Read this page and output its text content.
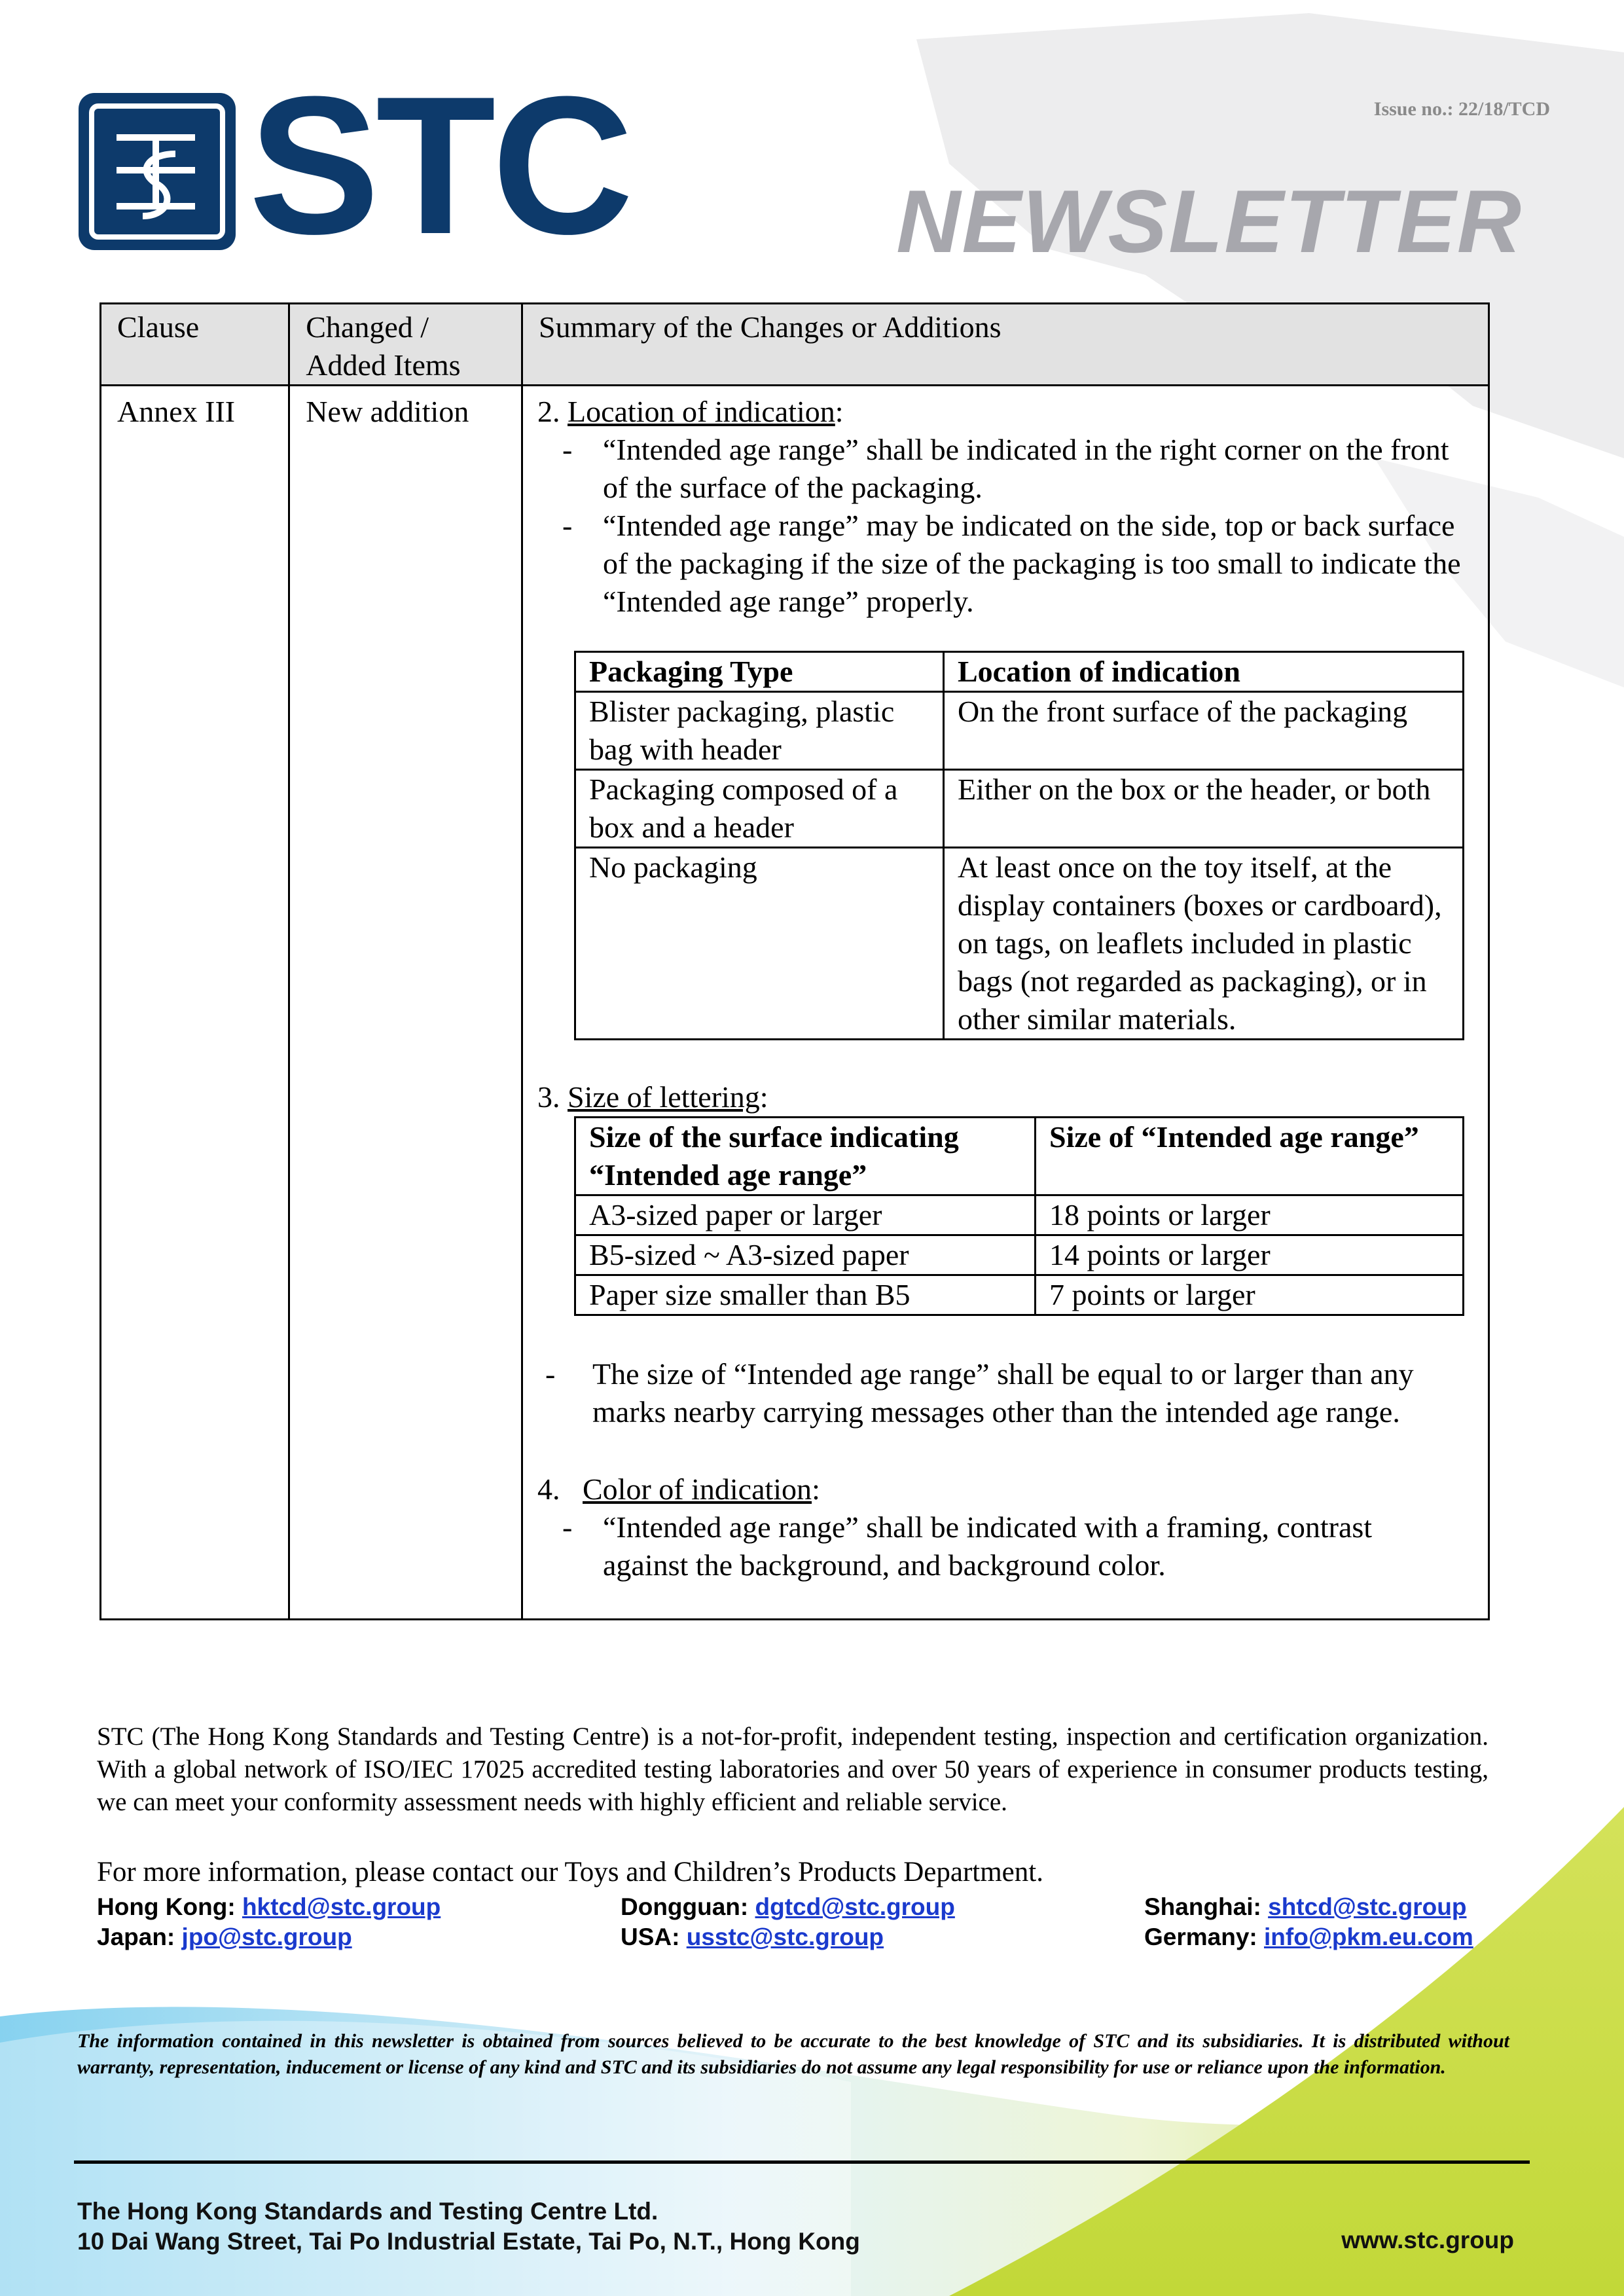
STC	Issue no.: 22/18/TCD
NEWSLETTER
Clause	Changed / Added Items	Summary of the Changes or Additions
Annex III	New addition	2. Location of indication:

-	“Intended age range” shall be indicated in the right corner on the front of the surface of the packaging.
-	“Intended age range” may be indicated on the side, top or back surface of the packaging if the size of the packaging is too small to indicate the “Intended age range” properly.
Packaging Type	Location of indication
Blister packaging, plastic bag with header	On the front surface of the packaging
Packaging composed of a box and a header	Either on the box or the header, or both
No packaging	At least once on the toy itself, at the display containers (boxes or cardboard), on tags, on leaflets included in plastic bags (not regarded as packaging), or in other similar materials.

3. Size of lettering:

Size of the surface indicating “Intended age range”	Size of “Intended age range”
A3-sized paper or larger	18 points or larger
B5-sized ~ A3-sized paper	14 points or larger
Paper size smaller than B5	7 points or larger
-	The size of “Intended age range” shall be equal to or larger than any marks nearby carrying messages other than the intended age range.

4. Color of indication:

-	“Intended age range” shall be indicated with a framing, contrast against the background, and background color.
STC (The Hong Kong Standards and Testing Centre) is a not-for-profit, independent testing, inspection and certification organization. With a global network of ISO/IEC 17025 accredited testing laboratories and over 50 years of experience in consumer products testing, we can meet your conformity assessment needs with highly efficient and reliable service.
For more information, please contact our Toys and Children’s Products Department.
Hong Kong: hktcd@stc.group	Dongguan: dgtcd@stc.group	Shanghai: shtcd@stc.group
Japan: jpo@stc.group	USA: usstc@stc.group	Germany: info@pkm.eu.com
The information contained in this newsletter is obtained from sources believed to be accurate to the best knowledge of STC and its subsidiaries. It is distributed without warranty, representation, inducement or license of any kind and STC and its subsidiaries do not assume any legal responsibility for use or reliance upon the information.
The Hong Kong Standards and Testing Centre Ltd.
10 Dai Wang Street, Tai Po Industrial Estate, Tai Po, N.T., Hong Kong	www.stc.group
